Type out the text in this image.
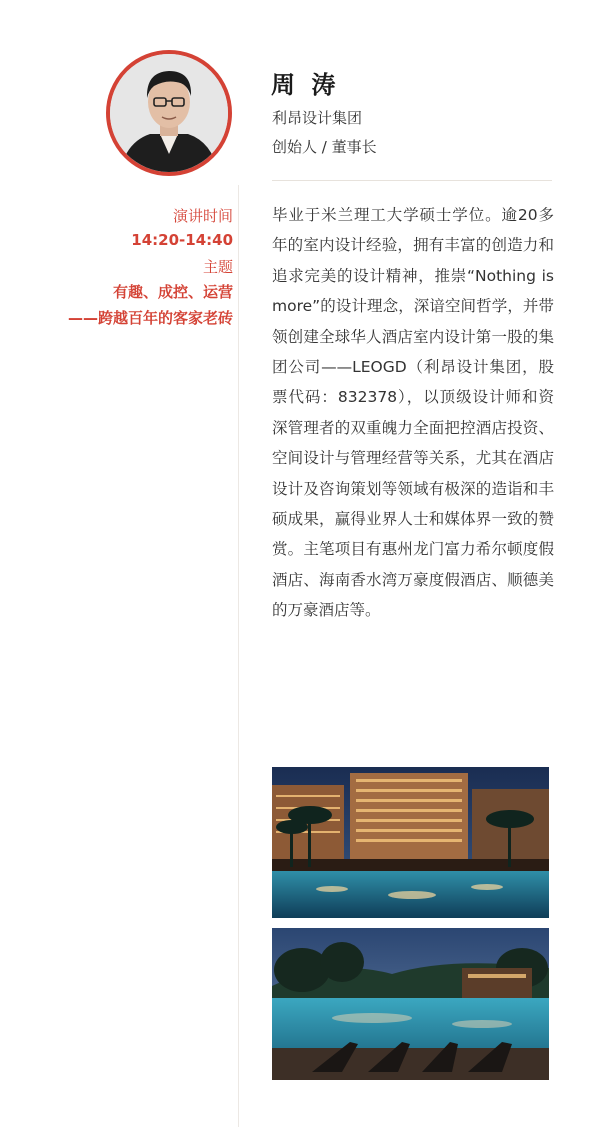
周 涛
利昂设计集团
创始人 / 董事长
演讲时间
14:20-14:40
主题
有趣、成控、运营
——跨越百年的客家老砖

毕业于米兰理工大学硕士学位。逾20多年的室内设计经验，拥有丰富的创造力和追求完美的设计精神，推崇“Nothing is more”的设计理念，深谙空间哲学，并带领创建全球华人酒店室内设计第一股的集团公司——LEOGD（利昂设计集团，股票代码：832378），以顶级设计师和资深管理者的双重魄力全面把控酒店投资、空间设计与管理经营等关系，尤其在酒店设计及咨询策划等领域有极深的造诣和丰硕成果，赢得业界人士和媒体界一致的赞赏。主笔项目有惠州龙门富力希尔顿度假酒店、海南香水湾万豪度假酒店、顺德美的万豪酒店等。
